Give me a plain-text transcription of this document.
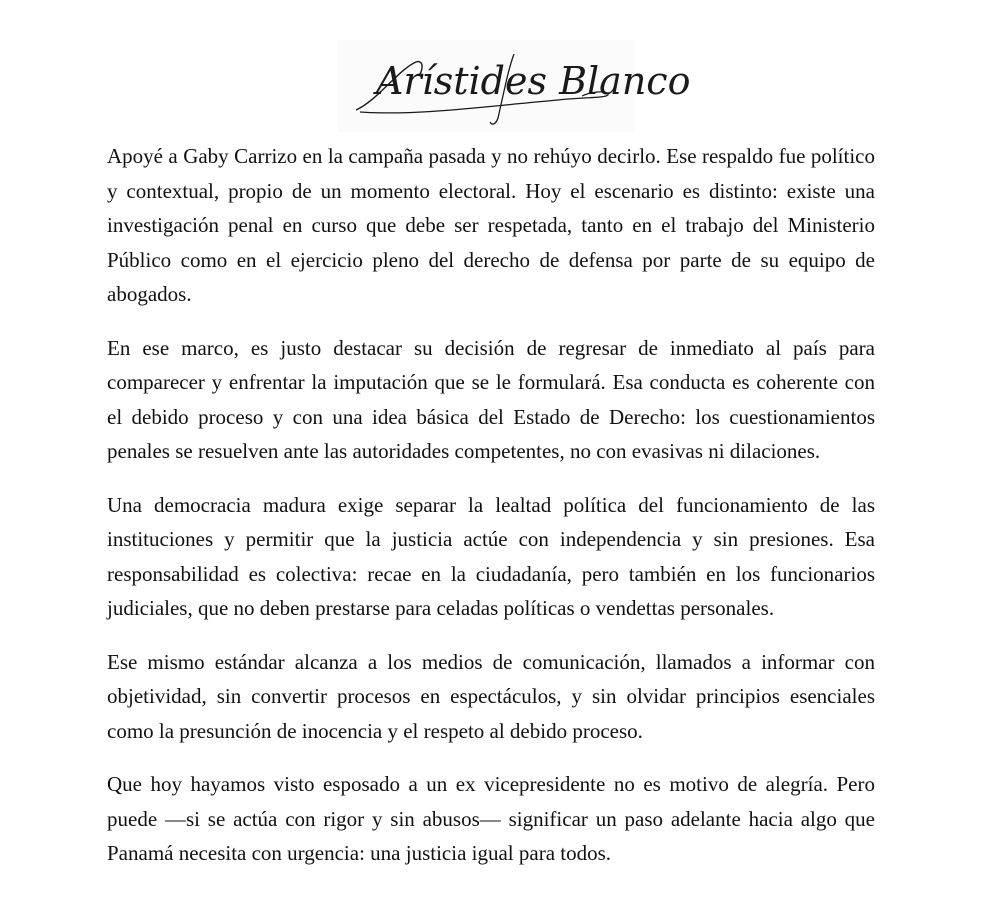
Arístides Blanco

Apoyé a Gaby Carrizo en la campaña pasada y no rehúyo decirlo. Ese respaldo fue político y contextual, propio de un momento electoral. Hoy el escenario es distinto: existe una investigación penal en curso que debe ser respetada, tanto en el trabajo del Ministerio Público como en el ejercicio pleno del derecho de defensa por parte de su equipo de abogados.

En ese marco, es justo destacar su decisión de regresar de inmediato al país para comparecer y enfrentar la imputación que se le formulará. Esa conducta es coherente con el debido proceso y con una idea básica del Estado de Derecho: los cuestionamientos penales se resuelven ante las autoridades competentes, no con evasivas ni dilaciones.

Una democracia madura exige separar la lealtad política del funcionamiento de las instituciones y permitir que la justicia actúe con independencia y sin presiones. Esa responsabilidad es colectiva: recae en la ciudadanía, pero también en los funcionarios judiciales, que no deben prestarse para celadas políticas o vendettas personales.

Ese mismo estándar alcanza a los medios de comunicación, llamados a informar con objetividad, sin convertir procesos en espectáculos, y sin olvidar principios esenciales como la presunción de inocencia y el respeto al debido proceso.

Que hoy hayamos visto esposado a un ex vicepresidente no es motivo de alegría. Pero puede —si se actúa con rigor y sin abusos— significar un paso adelante hacia algo que Panamá necesita con urgencia: una justicia igual para todos.
